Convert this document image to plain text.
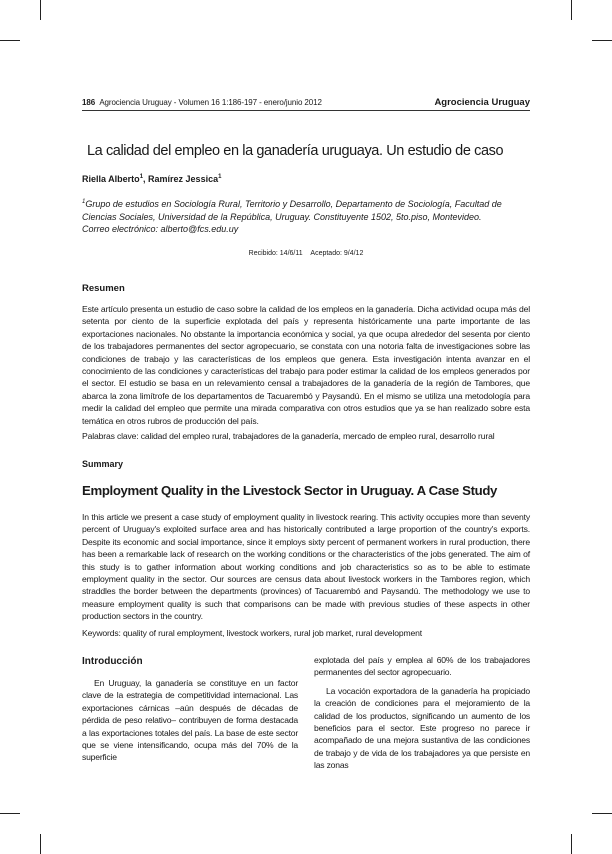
186 Agrociencia Uruguay - Volumen 16 1:186-197 - enero/junio 2012	Agrociencia Uruguay
La calidad del empleo en la ganadería uruguaya. Un estudio de caso
Riella Alberto$^1$, Ramírez Jessica$^1$
$^1$Grupo de estudios en Sociología Rural, Territorio y Desarrollo, Departamento de Sociología, Facultad de Ciencias Sociales, Universidad de la República, Uruguay. Constituyente 1502, 5to.piso, Montevideo.
Correo electrónico: alberto@fcs.edu.uy
Recibido: 14/6/11 Aceptado: 9/4/12
Resumen
Este artículo presenta un estudio de caso sobre la calidad de los empleos en la ganadería. Dicha actividad ocupa más del setenta por ciento de la superficie explotada del país y representa históricamente una parte importante de las exportaciones nacionales. No obstante la importancia económica y social, ya que ocupa alrededor del sesenta por ciento de los trabajadores permanentes del sector agropecuario, se constata con una notoria falta de investigaciones sobre las condiciones de trabajo y las características de los empleos que genera. Esta investigación intenta avanzar en el conocimiento de las condiciones y características del trabajo para poder estimar la calidad de los empleos generados por el sector. El estudio se basa en un relevamiento censal a trabajadores de la ganadería de la región de Tambores, que abarca la zona limítrofe de los departamentos de Tacuarembó y Paysandú. En el mismo se utiliza una metodología para medir la calidad del empleo que permite una mirada comparativa con otros estudios que ya se han realizado sobre esta temática en otros rubros de producción del país.
Palabras clave: calidad del empleo rural, trabajadores de la ganadería, mercado de empleo rural, desarrollo rural
Summary
Employment Quality in the Livestock Sector in Uruguay. A Case Study
In this article we present a case study of employment quality in livestock rearing. This activity occupies more than seventy percent of Uruguay's exploited surface area and has historically contributed a large proportion of the country's exports. Despite its economic and social importance, since it employs sixty percent of permanent workers in rural production, there has been a remarkable lack of research on the working conditions or the characteristics of the jobs generated. The aim of this study is to gather information about working conditions and job characteristics so as to be able to estimate employment quality in the sector. Our sources are census data about livestock workers in the Tambores region, which straddles the border between the departments (provinces) of Tacuarembó and Paysandú. The methodology we use to measure employment quality is such that comparisons can be made with previous studies of these aspects in other production sectors in the country.
Keywords: quality of rural employment, livestock workers, rural job market, rural development
Introducción

En Uruguay, la ganadería se constituye en un factor clave de la estrategia de competitividad internacional. Las exportaciones cárnicas –aún después de décadas de pérdida de peso relativo– contribuyen de forma destacada a las exportaciones totales del país. La base de este sector que se viene intensificando, ocupa más del 70% de la superficie

explotada del país y emplea al 60% de los trabajadores permanentes del sector agropecuario.

La vocación exportadora de la ganadería ha propiciado la creación de condiciones para el mejoramiento de la calidad de los productos, significando un aumento de los beneficios para el sector. Este progreso no parece ir acompañado de una mejora sustantiva de las condiciones de trabajo y de vida de los trabajadores ya que persiste en las zonas
